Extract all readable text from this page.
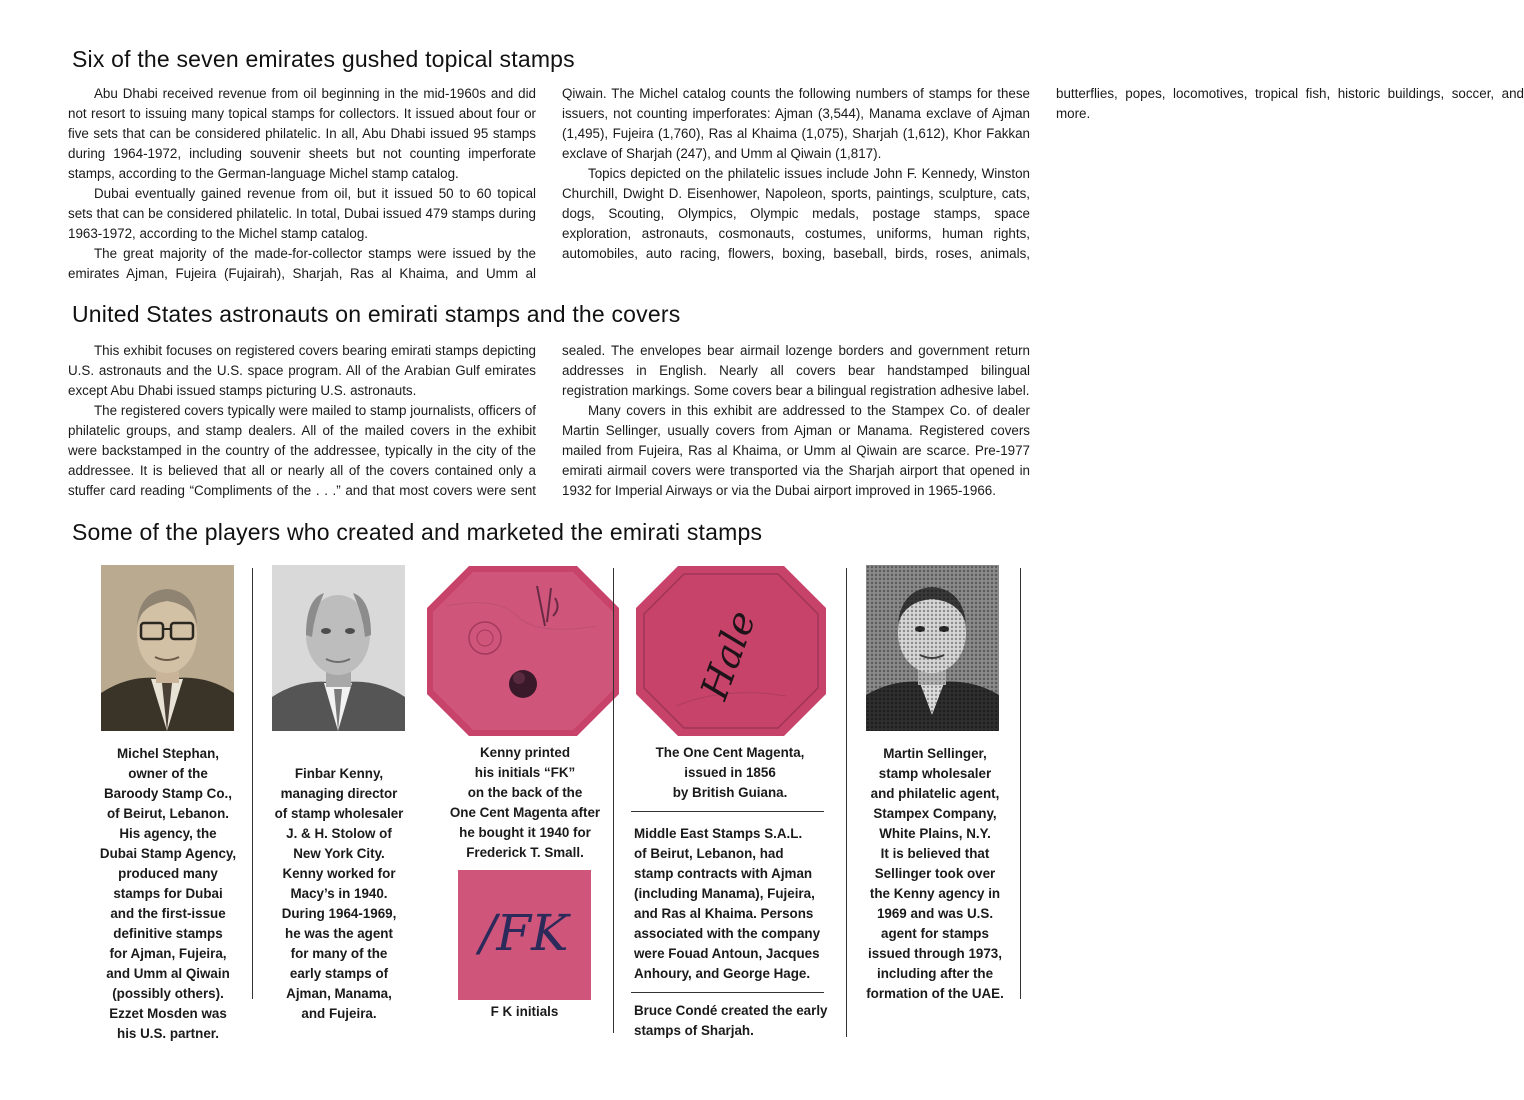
Six of the seven emirates gushed topical stamps

Abu Dhabi received revenue from oil beginning in the mid-1960s and did not resort to issuing many topical stamps for collectors. It issued about four or five sets that can be considered philatelic. In all, Abu Dhabi issued 95 stamps during 1964-1972, including souvenir sheets but not counting imperforate stamps, according to the German-language Michel stamp catalog.

Dubai eventually gained revenue from oil, but it issued 50 to 60 topical sets that can be considered philatelic. In total, Dubai issued 479 stamps during 1963-1972, according to the Michel stamp catalog.

The great majority of the made-for-collector stamps were issued by the emirates Ajman, Fujeira (Fujairah), Sharjah, Ras al Khaima, and Umm al Qiwain. The Michel catalog counts the following numbers of stamps for these issuers, not counting imperforates: Ajman (3,544), Manama exclave of Ajman (1,495), Fujeira (1,760), Ras al Khaima (1,075), Sharjah (1,612), Khor Fakkan exclave of Sharjah (247), and Umm al Qiwain (1,817).

Topics depicted on the philatelic issues include John F. Kennedy, Winston Churchill, Dwight D. Eisenhower, Napoleon, sports, paintings, sculpture, cats, dogs, Scouting, Olympics, Olympic medals, postage stamps, space exploration, astronauts, cosmonauts, costumes, uniforms, human rights, automobiles, auto racing, flowers, boxing, baseball, birds, roses, animals, butterflies, popes, locomotives, tropical fish, historic buildings, soccer, and more.

United States astronauts on emirati stamps and the covers

This exhibit focuses on registered covers bearing emirati stamps depicting U.S. astronauts and the U.S. space program. All of the Arabian Gulf emirates except Abu Dhabi issued stamps picturing U.S. astronauts.

The registered covers typically were mailed to stamp journalists, officers of philatelic groups, and stamp dealers. All of the mailed covers in the exhibit were backstamped in the country of the addressee, typically in the city of the addressee. It is believed that all or nearly all of the covers contained only a stuffer card reading “Compliments of the . . .” and that most covers were sent sealed. The envelopes bear airmail lozenge borders and government return addresses in English. Nearly all covers bear handstamped bilingual registration markings. Some covers bear a bilingual registration adhesive label.

Many covers in this exhibit are addressed to the Stampex Co. of dealer Martin Sellinger, usually covers from Ajman or Manama. Registered covers mailed from Fujeira, Ras al Khaima, or Umm al Qiwain are scarce. Pre-1977 emirati airmail covers were transported via the Sharjah airport that opened in 1932 for Imperial Airways or via the Dubai airport improved in 1965-1966.

Some of the players who created and marketed the emirati stamps
Michel Stephan,
owner of the
Baroody Stamp Co.,
of Beirut, Lebanon.
His agency, the
Dubai Stamp Agency,
produced many
stamps for Dubai
and the first-issue
definitive stamps
for Ajman, Fujeira,
and Umm al Qiwain
(possibly others).
Ezzet Mosden was
his U.S. partner.
Finbar Kenny,
managing director
of stamp wholesaler
J. & H. Stolow of
New York City.
Kenny worked for
Macy’s in 1940.
During 1964-1969,
he was the agent
for many of the
early stamps of
Ajman, Manama,
and Fujeira.
Kenny printed
his initials “FK”
on the back of the
One Cent Magenta after
he bought it 1940 for
Frederick T. Small.
/FK
F K initials
Hale
The One Cent Magenta,
issued in 1856
by British Guiana.
Middle East Stamps S.A.L.
of Beirut, Lebanon, had
stamp contracts with Ajman
(including Manama), Fujeira,
and Ras al Khaima. Persons
associated with the company
were Fouad Antoun, Jacques
Anhoury, and George Hage.
Bruce Condé created the early
stamps of Sharjah.
Martin Sellinger,
stamp wholesaler
and philatelic agent,
Stampex Company,
White Plains, N.Y.
It is believed that
Sellinger took over
the Kenny agency in
1969 and was U.S.
agent for stamps
issued through 1973,
including after the
formation of the UAE.
